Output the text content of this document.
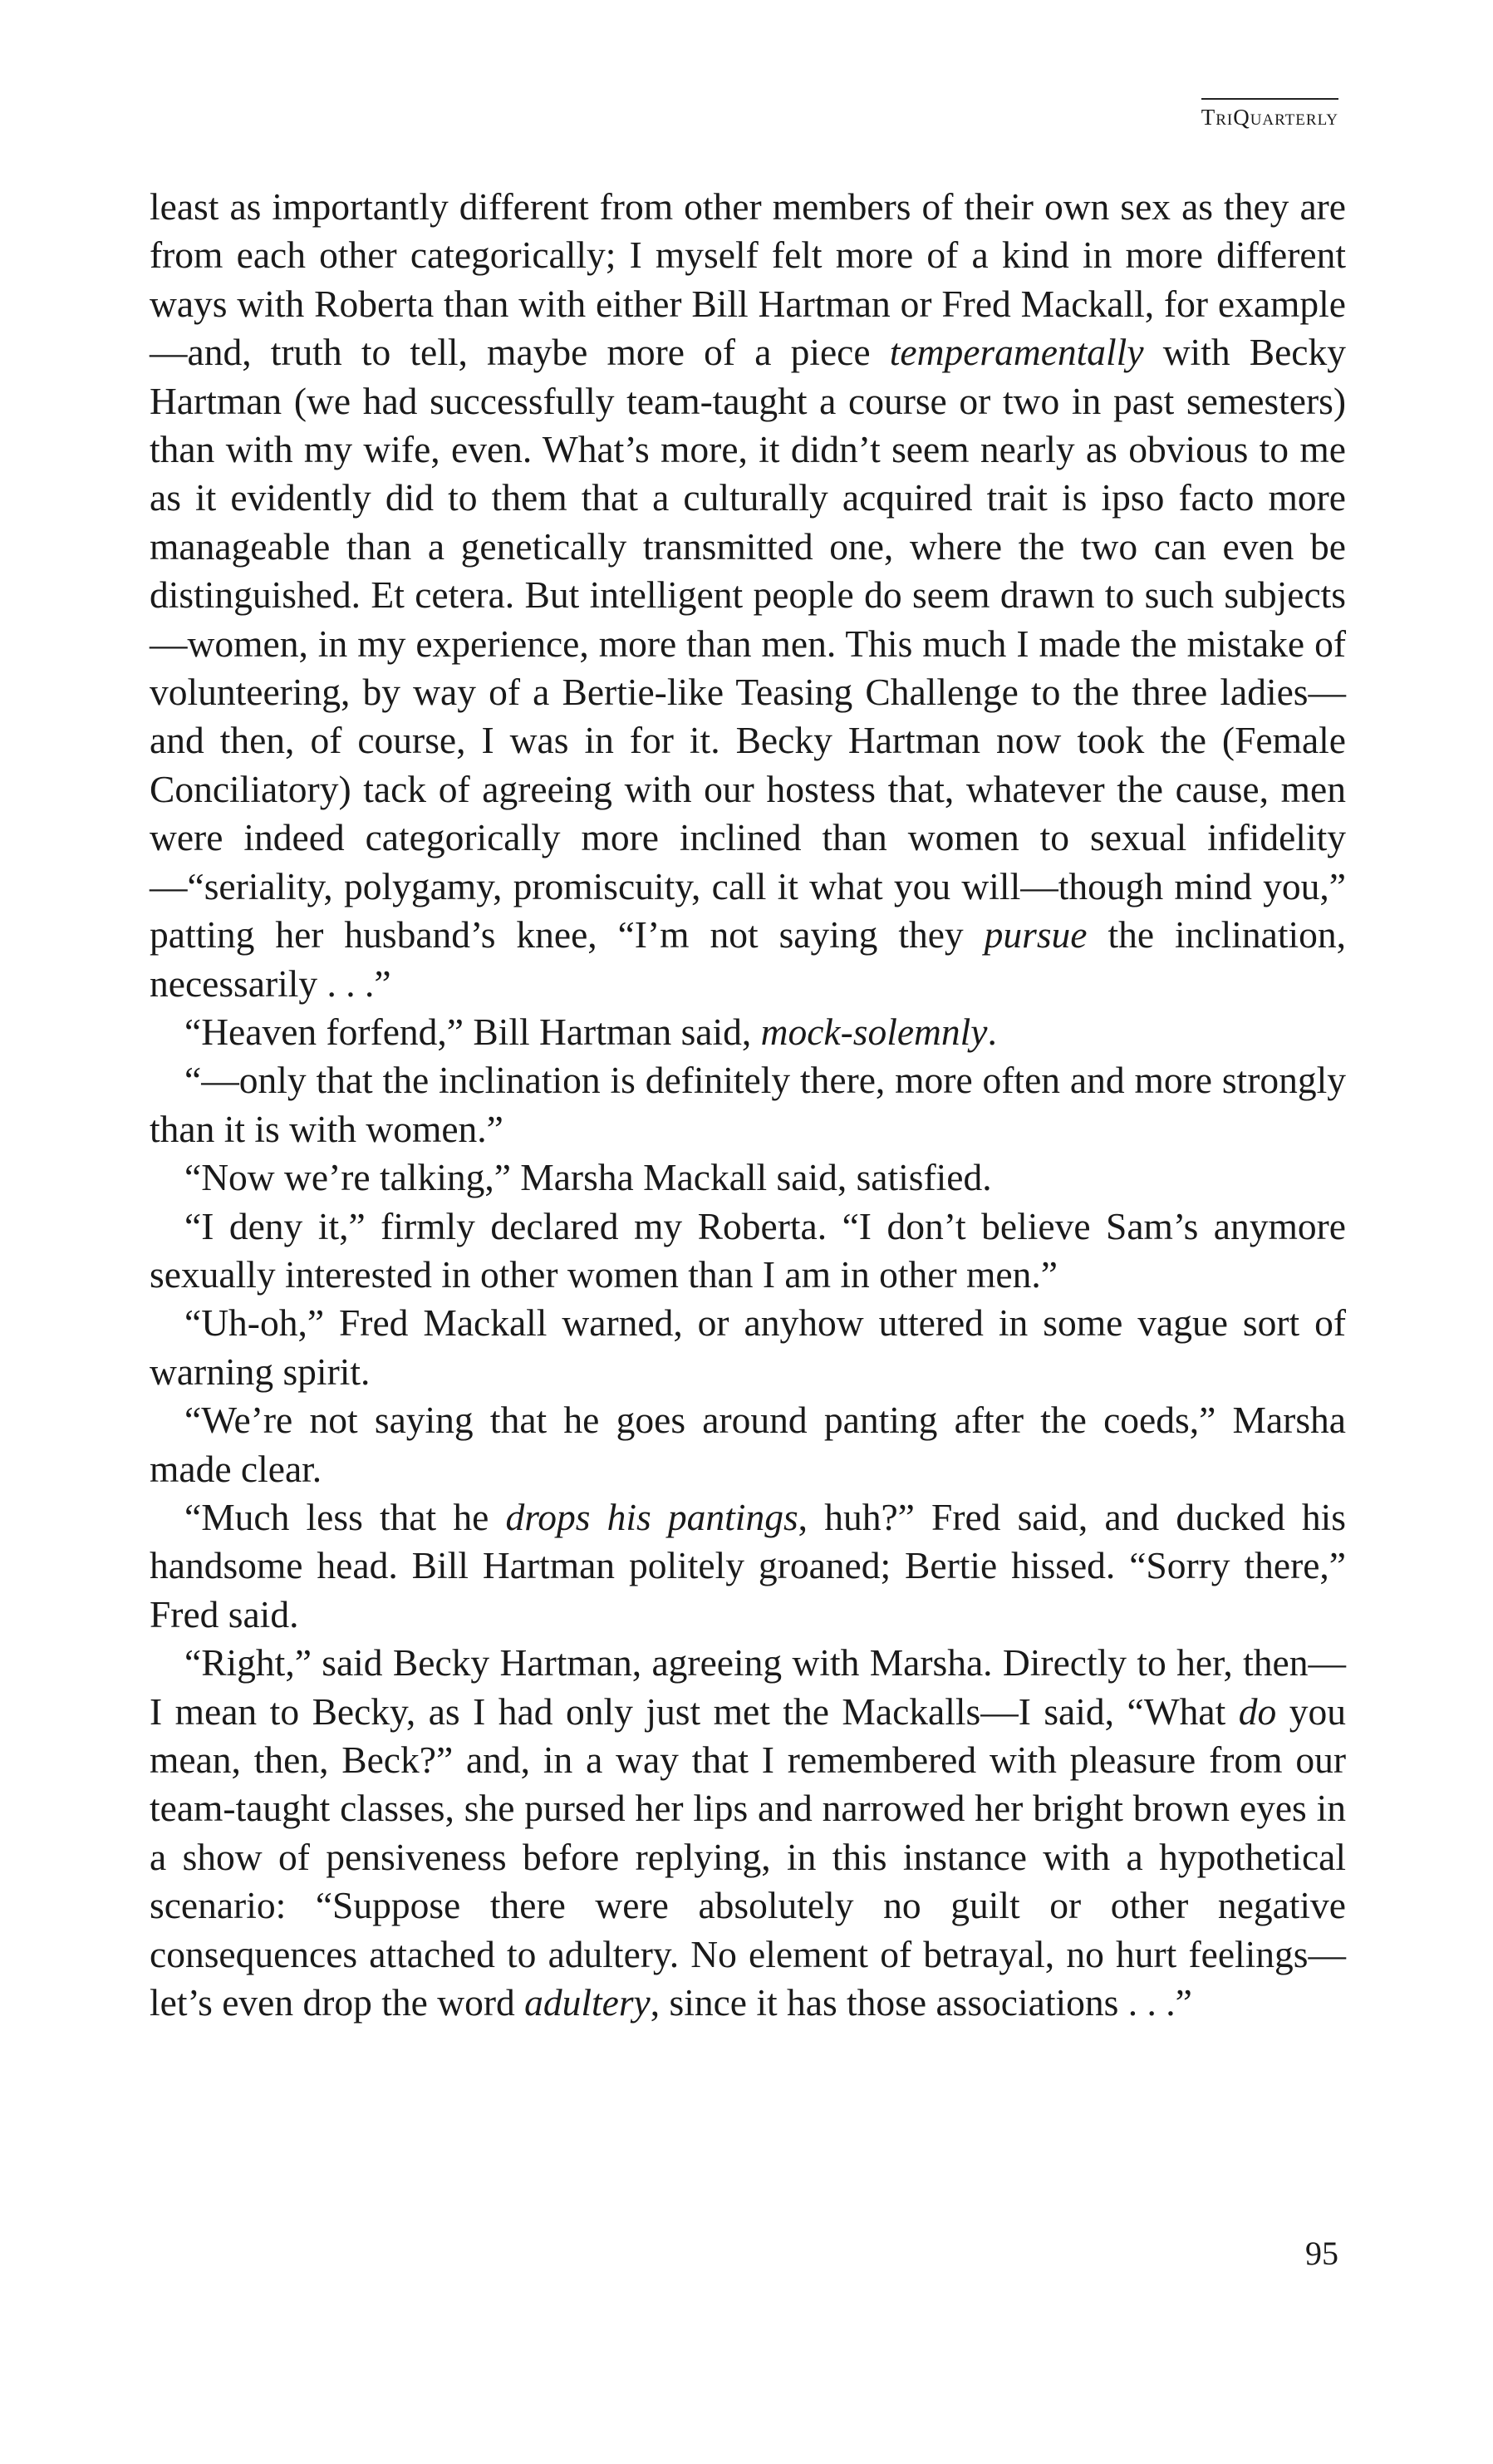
TriQuarterly

least as importantly different from other members of their own sex as they are from each other categorically; I myself felt more of a kind in more different ways with Roberta than with either Bill Hartman or Fred Mackall, for example—and, truth to tell, maybe more of a piece temperamentally with Becky Hartman (we had successfully team-taught a course or two in past semesters) than with my wife, even. What’s more, it didn’t seem nearly as obvious to me as it evidently did to them that a culturally acquired trait is ipso facto more manageable than a genetically transmitted one, where the two can even be distinguished. Et cetera. But intelligent people do seem drawn to such subjects—women, in my experience, more than men. This much I made the mistake of volunteering, by way of a Bertie-like Teasing Challenge to the three ladies—and then, of course, I was in for it. Becky Hartman now took the (Female Conciliatory) tack of agreeing with our hostess that, whatever the cause, men were indeed categorically more inclined than women to sexual infidelity—“seriality, polygamy, promiscuity, call it what you will—though mind you,” patting her husband’s knee, “I’m not saying they pursue the inclination, necessarily . . .”

“Heaven forfend,” Bill Hartman said, mock-solemnly.

“—only that the inclination is definitely there, more often and more strongly than it is with women.”

“Now we’re talking,” Marsha Mackall said, satisfied.

“I deny it,” firmly declared my Roberta. “I don’t believe Sam’s anymore sexually interested in other women than I am in other men.”

“Uh-oh,” Fred Mackall warned, or anyhow uttered in some vague sort of warning spirit.

“We’re not saying that he goes around panting after the coeds,” Marsha made clear.

“Much less that he drops his pantings, huh?” Fred said, and ducked his handsome head. Bill Hartman politely groaned; Bertie hissed. “Sorry there,” Fred said.

“Right,” said Becky Hartman, agreeing with Marsha. Directly to her, then—I mean to Becky, as I had only just met the Mackalls—I said, “What do you mean, then, Beck?” and, in a way that I remembered with pleasure from our team-taught classes, she pursed her lips and narrowed her bright brown eyes in a show of pensiveness before replying, in this instance with a hypothetical scenario: “Suppose there were absolutely no guilt or other negative consequences attached to adultery. No element of betrayal, no hurt feelings—let’s even drop the word adultery, since it has those associations . . .”

95
